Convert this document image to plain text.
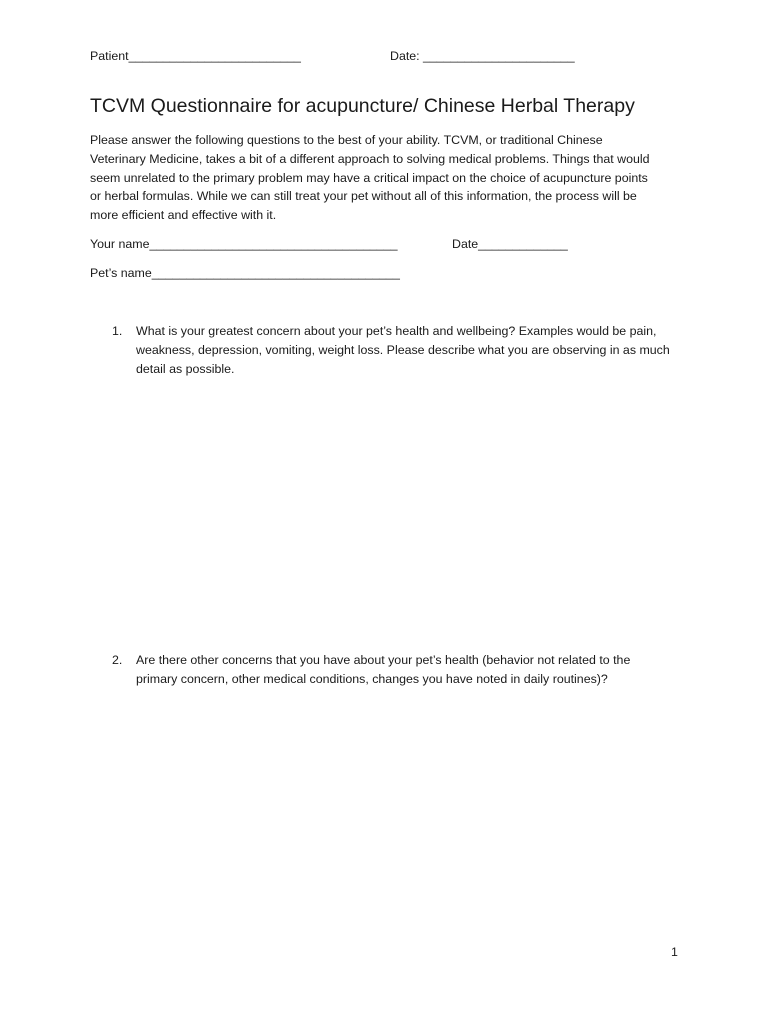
Patient_________________________	Date: ______________________

TCVM Questionnaire for acupuncture/ Chinese Herbal Therapy
Please answer the following questions to the best of your ability. TCVM, or traditional Chinese
Veterinary Medicine, takes a bit of a different approach to solving medical problems. Things that would
seem unrelated to the primary problem may have a critical impact on the choice of acupuncture points
or herbal formulas. While we can still treat your pet without all of this information, the process will be
more efficient and effective with it.

Your name____________________________________	Date_____________

Pet’s name____________________________________

1. What is your greatest concern about your pet’s health and wellbeing? Examples would be pain,
weakness, depression, vomiting, weight loss. Please describe what you are observing in as much
detail as possible.
2. Are there other concerns that you have about your pet’s health (behavior not related to the
primary concern, other medical conditions, changes you have noted in daily routines)?

1
